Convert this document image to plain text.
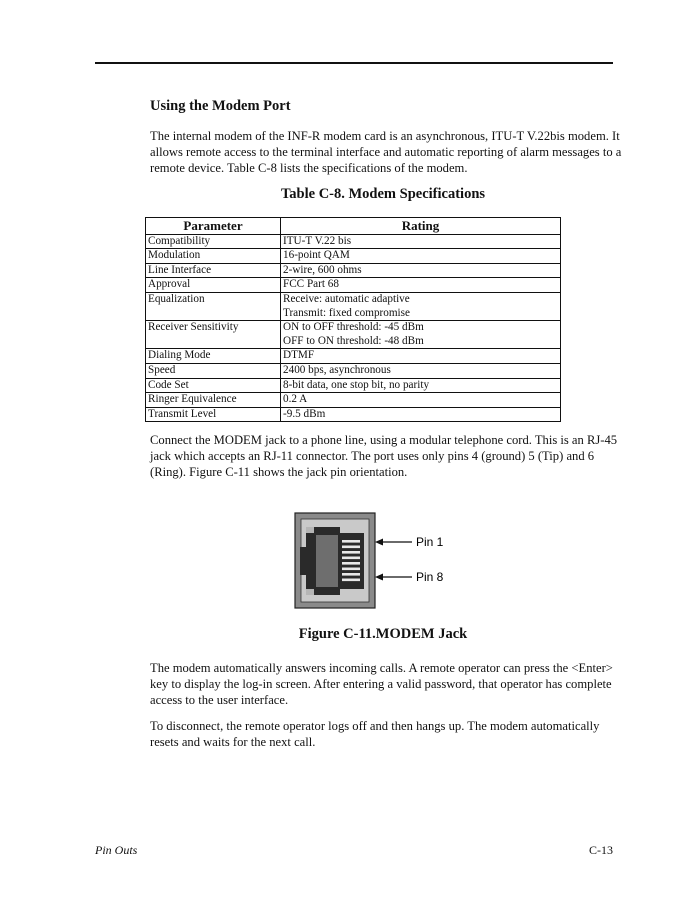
Using the Modem Port
The internal modem of the INF-R modem card is an asynchronous, ITU-T V.22bis modem. It
allows remote access to the terminal interface and automatic reporting of alarm messages to a
remote device. Table C-8 lists the specifications of the modem.
Table C-8. Modem Specifications
Parameter	Rating
Compatibility	ITU-T V.22 bis

Modulation	16-point QAM

Line Interface	2-wire, 600 ohms

Approval	FCC Part 68

Equalization	Receive: automatic adaptive
Transmit: fixed compromise

Receiver Sensitivity	ON to OFF threshold: -45 dBm
OFF to ON threshold: -48 dBm

Dialing Mode	DTMF

Speed	2400 bps, asynchronous

Code Set	8-bit data, one stop bit, no parity

Ringer Equivalence	0.2 A

Transmit Level	-9.5 dBm
Connect the MODEM jack to a phone line, using a modular telephone cord. This is an RJ-45
jack which accepts an RJ-11 connector. The port uses only pins 4 (ground) 5 (Tip) and 6
(Ring). Figure C-11 shows the jack pin orientation.
Pin 1
Pin 8
Figure C-11.MODEM Jack
The modem automatically answers incoming calls. A remote operator can press the <Enter>
key to display the log-in screen. After entering a valid password, that operator has complete
access to the user interface.
To disconnect, the remote operator logs off and then hangs up. The modem automatically
resets and waits for the next call.
Pin Outs	C-13
